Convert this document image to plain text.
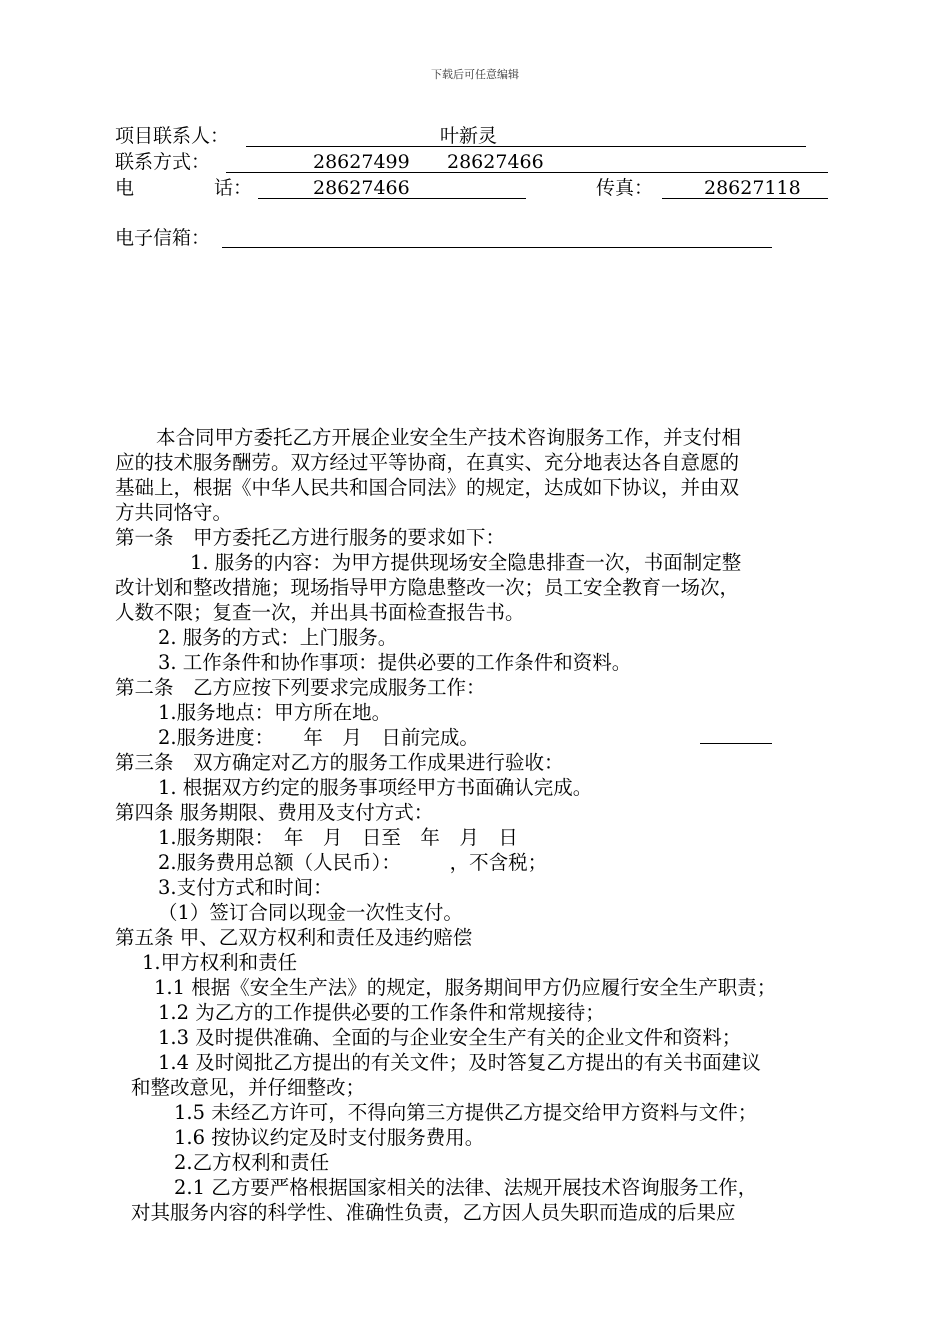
下载后可任意编辑
项目联系人：	叶新灵
联系方式：	28627499 28627466
电	话：	28627466	传真：	28627118
电子信箱：
本合同甲方委托乙方开展企业安全生产技术咨询服务工作，并支付相
应的技术服务酬劳。双方经过平等协商，在真实、充分地表达各自意愿的
基础上，根据《中华人民共和国合同法》的规定，达成如下协议，并由双
方共同恪守。
第一条　甲方委托乙方进行服务的要求如下：
1. 服务的内容：为甲方提供现场安全隐患排查一次，书面制定整
改计划和整改措施；现场指导甲方隐患整改一次；员工安全教育一场次，
人数不限；复查一次，并出具书面检查报告书。
2. 服务的方式：上门服务。
3. 工作条件和协作事项：提供必要的工作条件和资料。
第二条　乙方应按下列要求完成服务工作：
1.服务地点：甲方所在地。
2.服务进度：　　年　月　日前完成。
第三条　双方确定对乙方的服务工作成果进行验收：
1. 根据双方约定的服务事项经甲方书面确认完成。
第四条 服务期限、费用及支付方式：
1.服务期限：　年　月　日至　年　月　日
2.服务费用总额（人民币）：　　　，不含税；
3.支付方式和时间：
（1）签订合同以现金一次性支付。
第五条 甲、乙双方权利和责任及违约赔偿
1.甲方权利和责任
1.1 根据《安全生产法》的规定，服务期间甲方仍应履行安全生产职责；
1.2 为乙方的工作提供必要的工作条件和常规接待；
1.3 及时提供准确、全面的与企业安全生产有关的企业文件和资料；
1.4 及时阅批乙方提出的有关文件；及时答复乙方提出的有关书面建议
和整改意见，并仔细整改；
1.5 未经乙方许可，不得向第三方提供乙方提交给甲方资料与文件；
1.6 按协议约定及时支付服务费用。
2.乙方权利和责任
2.1 乙方要严格根据国家相关的法律、法规开展技术咨询服务工作，
对其服务内容的科学性、准确性负责，乙方因人员失职而造成的后果应
